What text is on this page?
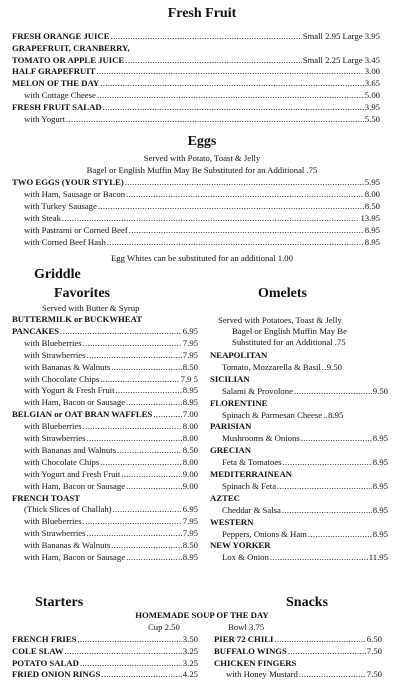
Fresh Fruit
FRESH ORANGE JUICE .....	Small 2.95 Large 3.95
GRAPEFRUIT, CRANBERRY,
TOMATO OR APPLE JUICE .....	Small 2.25 Large 3.45
HALF GRAPEFRUIT .....	3.00
MELON OF THE DAY .....	3.65
with Cottage Cheese .....	5.00
FRESH FRUIT SALAD .....	3.95
with Yogurt .....	5.50
Eggs
Served with Potato, Toast & Jelly
Bagel or English Muffin May Be Substituted for an Additional .75
TWO EGGS (YOUR STYLE) .....	5.95
with Ham, Sausage or Bacon .....	8.00
with Turkey Sausage .....	8.50
with Steak .....	13.95
with Pastrami or Corned Beef .....	8.95
with Corned Beef Hash .....	8.95
Egg Whites can be substituted for an additional 1.00
Griddle
Favorites
Served with Butter & Syrup
BUTTERMILK or BUCKWHEAT
PANCAKES .....	6.95
with Blueberries .....	7.95
with Strawberries .....	7.95
with Bananas & Walnuts .....	8.50
with Chocolate Chips .....	7.9 5
with Yogurt & Fresh Fruit .....	8.95
with Ham, Bacon or Sausage .....	8.95
BELGIAN or OAT BRAN WAFFLES .....	7.00
with Blueberries .....	8.00
with Strawberries .....	8.00
with Bananas and Walnuts .....	8.50
with Chocolate Chips .....	8.00
with Yogurt and Fresh Fruit .....	9.00
with Ham, Bacon or Sausage .....	9.00
FRENCH TOAST
(Thick Slices of Challah) .....	6.95
with Blueberries .....	7.95
with Strawberries .....	7.95
with Bananas & Walnuts .....	8.50
with Ham, Bacon or Sausage .....	8.95
Omelets
Served with Potatoes, Toast & Jelly
Bagel or English Muffin May Be
Substituted for an Additional .75
NEAPOLITAN
Tomato, Mozzarella & Basil ..... 9.50
SICILIAN
Salami & Provolone .....	9.50
FLORENTINE
Spinach & Parmesan Cheese ..... 8.95
PARISIAN
Mushrooms & Onions .....	8.95
GRECIAN
Feta & Tomatoes .....	8.95
MEDITERRAINEAN
Spinach & Feta .....	8.95
AZTEC
Cheddar & Salsa .....	8.95
WESTERN
Peppers, Onions & Ham .....	8.95
NEW YORKER
Lox & Onion .....	11.95
Starters	Snacks
HOMEMADE SOUP OF THE DAY
Cup 2.50	Bowl 3.75
FRENCH FRIES .....	3.50
COLE SLAW .....	3.25
POTATO SALAD .....	3.25
FRIED ONION RINGS .....	4.25
PIER 72 CHILI .....	6.50
BUFFALO WINGS .....	7.50
CHICKEN FINGERS
with Honey Mustard .....	7.50
